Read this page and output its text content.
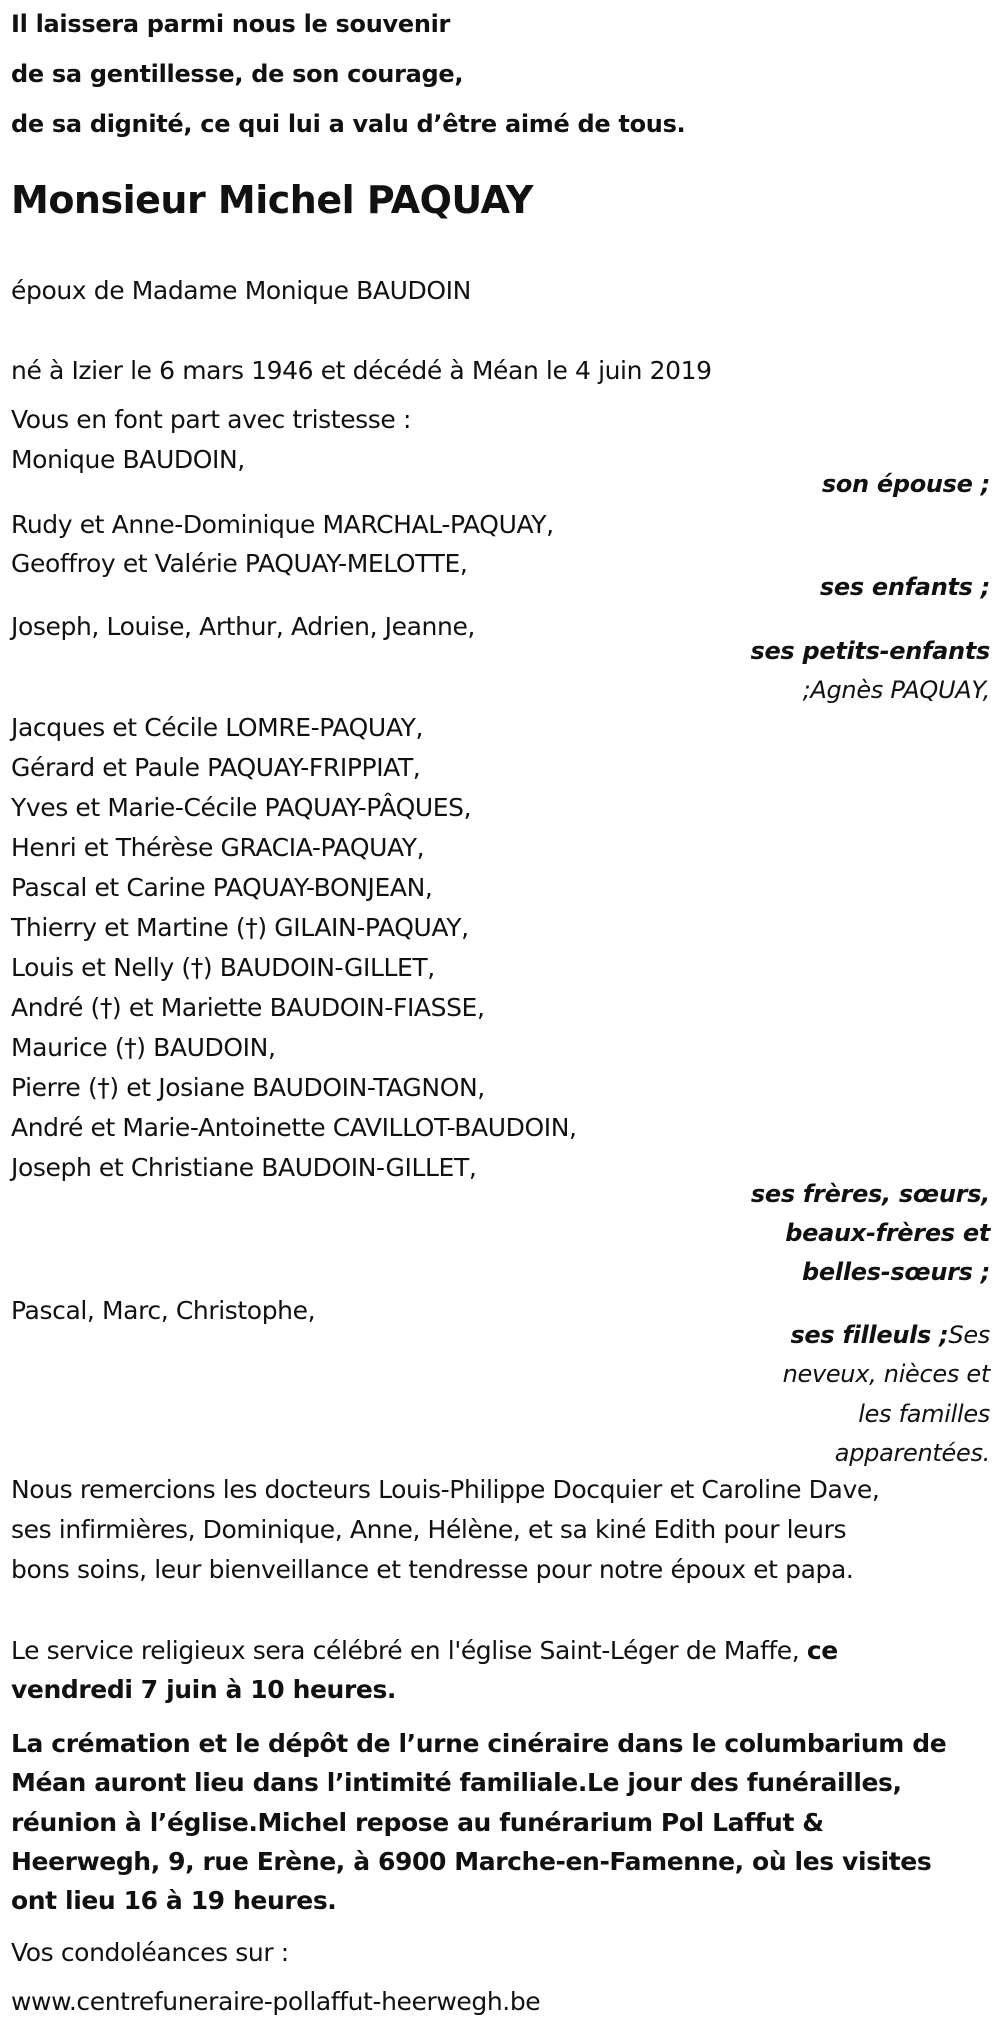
Il laissera parmi nous le souvenir
de sa gentillesse, de son courage,
de sa dignité, ce qui lui a valu d’être aimé de tous.
Monsieur Michel PAQUAY
époux de Madame Monique BAUDOIN
né à Izier le 6 mars 1946 et décédé à Méan le 4 juin 2019
Vous en font part avec tristesse :
Monique BAUDOIN,
son épouse ;
Rudy et Anne-Dominique MARCHAL-PAQUAY,
Geoffroy et Valérie PAQUAY-MELOTTE,
ses enfants ;
Joseph, Louise, Arthur, Adrien, Jeanne,
ses petits-enfants
;Agnès PAQUAY,
Jacques et Cécile LOMRE-PAQUAY,
Gérard et Paule PAQUAY-FRIPPIAT,
Yves et Marie-Cécile PAQUAY-PÂQUES,
Henri et Thérèse GRACIA-PAQUAY,
Pascal et Carine PAQUAY-BONJEAN,
Thierry et Martine (†) GILAIN-PAQUAY,
Louis et Nelly (†) BAUDOIN-GILLET,
André (†) et Mariette BAUDOIN-FIASSE,
Maurice (†) BAUDOIN,
Pierre (†) et Josiane BAUDOIN-TAGNON,
André et Marie-Antoinette CAVILLOT-BAUDOIN,
Joseph et Christiane BAUDOIN-GILLET,
ses frères, sœurs,
beaux-frères et
belles-sœurs ;
Pascal, Marc, Christophe,
ses filleuls ;Ses
neveux, nièces et
les familles
apparentées.
Nous remercions les docteurs Louis-Philippe Docquier et Caroline Dave,
ses infirmières, Dominique, Anne, Hélène, et sa kiné Edith pour leurs
bons soins, leur bienveillance et tendresse pour notre époux et papa.
Le service religieux sera célébré en l'église Saint-Léger de Maffe, ce
vendredi 7 juin à 10 heures.
La crémation et le dépôt de l’urne cinéraire dans le columbarium de
Méan auront lieu dans l’intimité familiale.Le jour des funérailles,
réunion à l’église.Michel repose au funérarium Pol Laffut &
Heerwegh, 9, rue Erène, à 6900 Marche-en-Famenne, où les visites
ont lieu 16 à 19 heures.
Vos condoléances sur :
www.centrefuneraire-pollaffut-heerwegh.be
